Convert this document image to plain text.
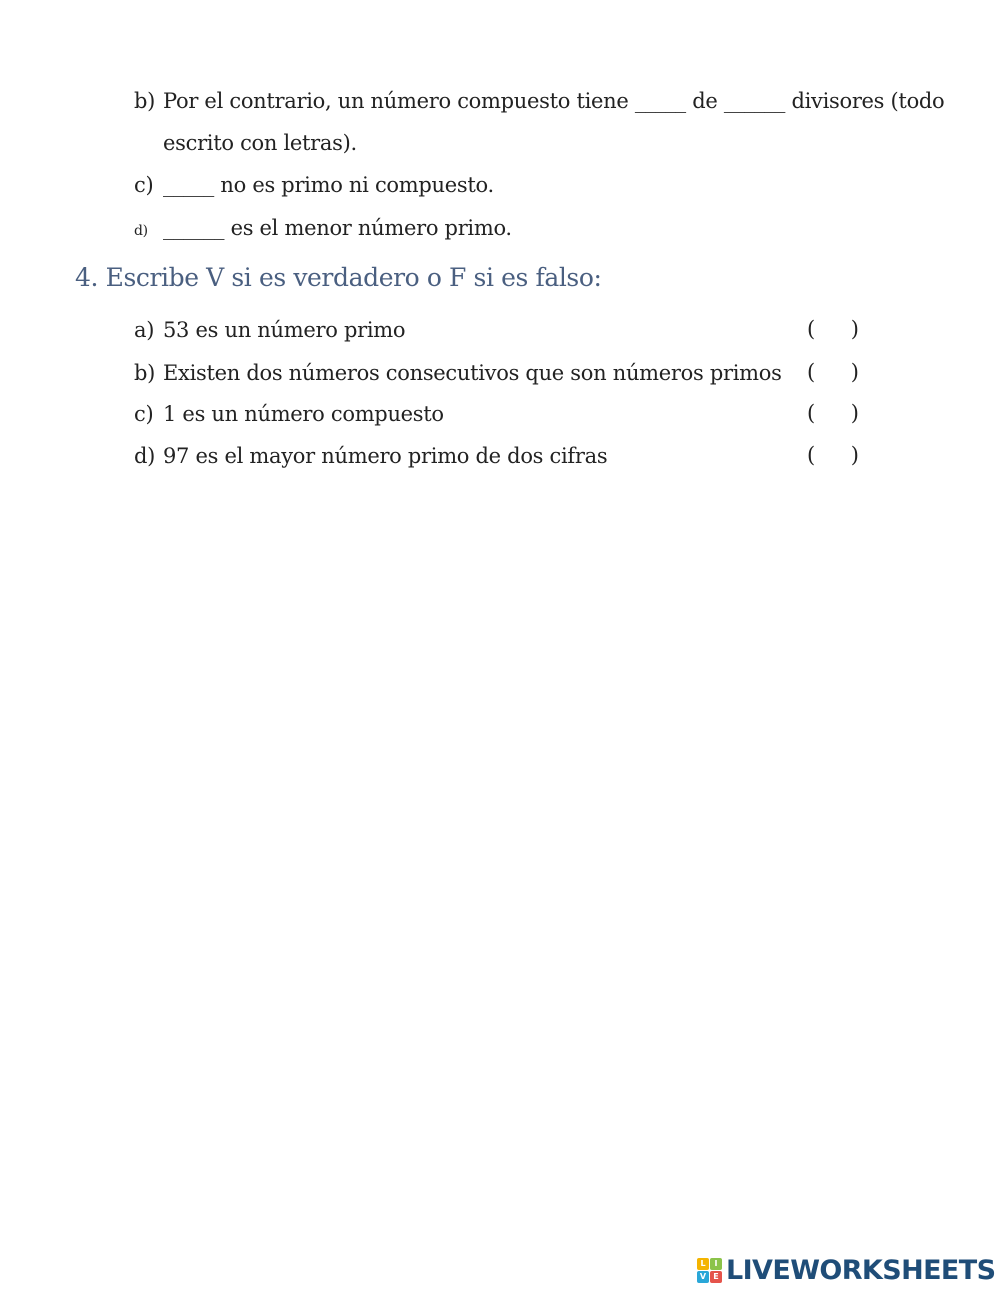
b) Por el contrario, un número compuesto tiene _____ de ______ divisores (todo
escrito con letras).
c) _____ no es primo ni compuesto.
d) ______ es el menor número primo.
4. Escribe V si es verdadero o F si es falso:
a) 53 es un número primo	( )
b) Existen dos números consecutivos que son números primos ( )
c) 1 es un número compuesto	( )
d) 97 es el mayor número primo de dos cifras	( )
L	I
V E LIVEWORKSHEETS
